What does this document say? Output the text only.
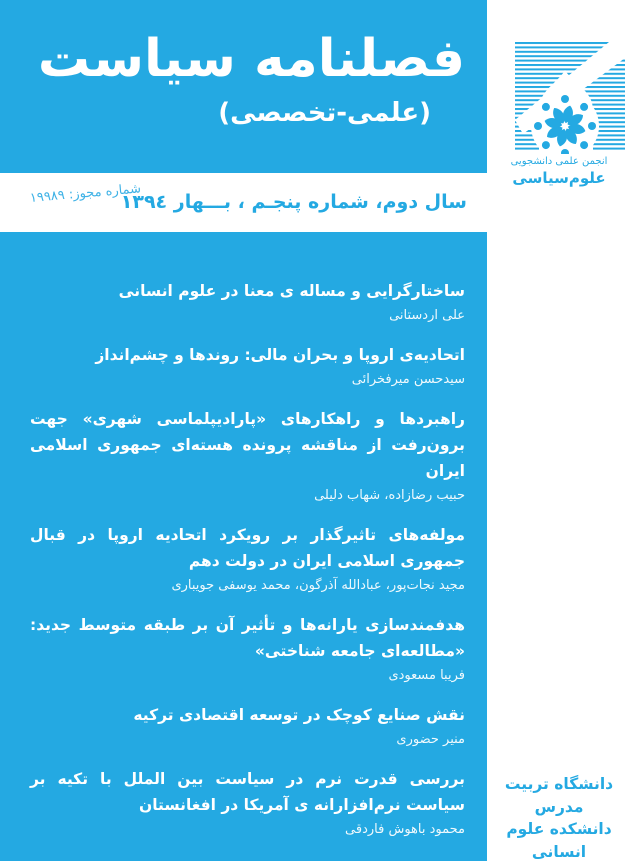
فصلنامه سیاست
(علمی-تخصصی)
سال دوم، شماره پنجـم ، بـــهار ۱۳۹٤
شماره مجوز: ۱۹۹۸۹
ساختارگرایی و مساله ی معنا در علوم انسانی
علی اردستانی
اتحادیه‌ی اروپا و بحران مالی: روندها و چشم‌انداز
سیدحسن میرفخرائی
راهبردها و راهکارهای «پارادیپلماسی شهری» جهت برون‌رفت از مناقشه پرونده هسته‌ای جمهوری اسلامی ایران
حبیب رضازاده، شهاب دلیلی
مولفه‌های تاثیرگذار بر رویکرد اتحادیه اروپا در قبال جمهوری اسلامی ایران در دولت دهم
مجید نجات‌پور، عبادالله آذرگون، محمد یوسفی جویباری
هدفمندسازی یارانه‌ها و تأثیر آن بر طبقه متوسط جدید: «مطالعه‌ای جامعه شناختی»
فریبا مسعودی
نقش صنایع کوچک در توسعه اقتصادی ترکیه
منیر حضوری
بررسی قدرت نرم در سیاست بین الملل با تکیه بر سیاست نرم‌افزارانه ی آمریکا در افغانستان
محمود باهوش فاردقی
انجمن علمی دانشجویی
علوم‌سیاسی
دانشگاه تربیت مدرس
دانشکده علوم انسانی
